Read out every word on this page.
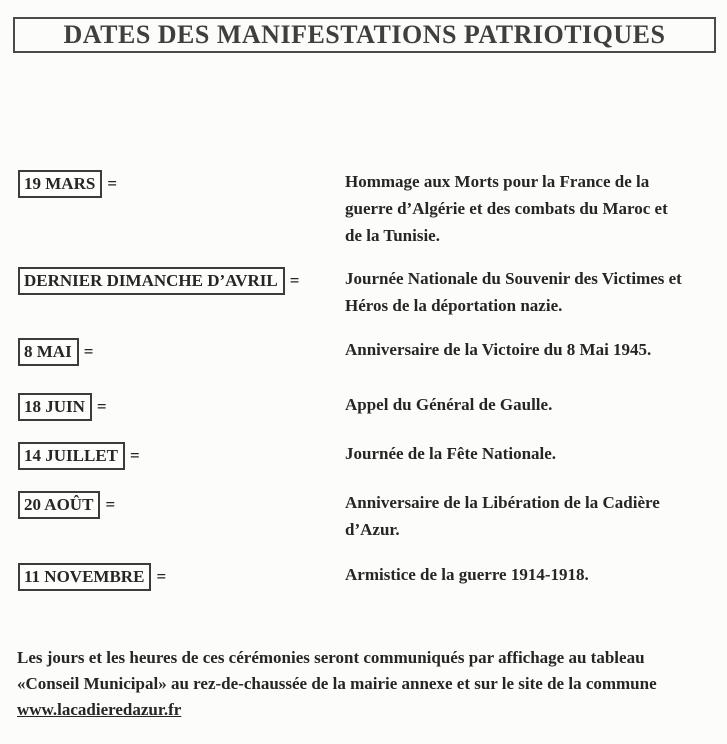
DATES DES MANIFESTATIONS PATRIOTIQUES
19 MARS =	Hommage aux Morts pour la France de la
guerre d’Algérie et des combats du Maroc et
de la Tunisie.
DERNIER DIMANCHE D’AVRIL =	Journée Nationale du Souvenir des Victimes et
Héros de la déportation nazie.
8 MAI =	Anniversaire de la Victoire du 8 Mai 1945.
18 JUIN =	Appel du Général de Gaulle.
14 JUILLET =	Journée de la Fête Nationale.
20 AOÛT =	Anniversaire de la Libération de la Cadière
d’Azur.
11 NOVEMBRE =	Armistice de la guerre 1914-1918.
Les jours et les heures de ces cérémonies seront communiqués par affichage au tableau
«Conseil Municipal» au rez-de-chaussée de la mairie annexe et sur le site de la commune
www.lacadieredazur.fr
